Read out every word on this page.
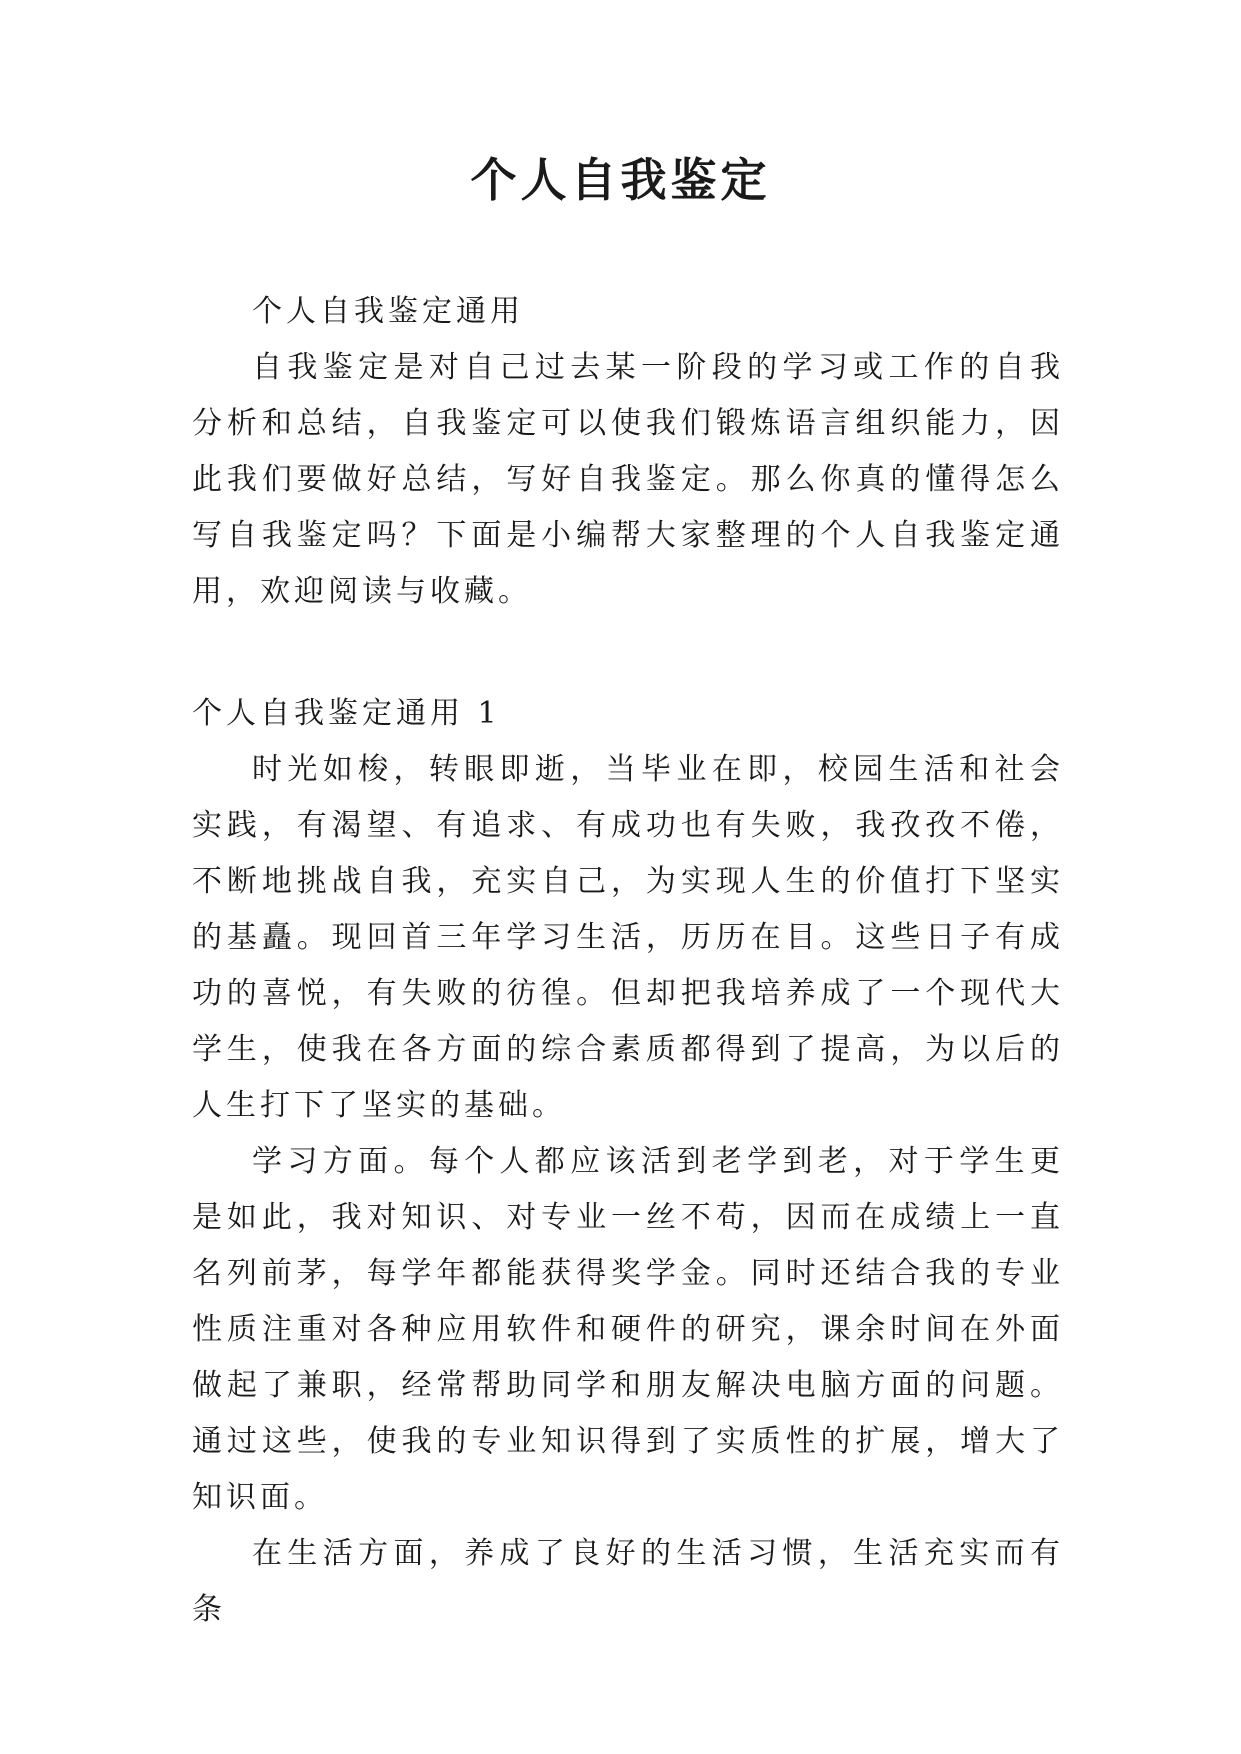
个人自我鉴定

个人自我鉴定通用

自我鉴定是对自己过去某一阶段的学习或工作的自我分析和总结，自我鉴定可以使我们锻炼语言组织能力，因此我们要做好总结，写好自我鉴定。那么你真的懂得怎么写自我鉴定吗？下面是小编帮大家整理的个人自我鉴定通用，欢迎阅读与收藏。

个人自我鉴定通用 1

时光如梭，转眼即逝，当毕业在即，校园生活和社会实践，有渴望、有追求、有成功也有失败，我孜孜不倦，不断地挑战自我，充实自己，为实现人生的价值打下坚实的基矗。现回首三年学习生活，历历在目。这些日子有成功的喜悦，有失败的彷徨。但却把我培养成了一个现代大学生，使我在各方面的综合素质都得到了提高，为以后的人生打下了坚实的基础。

学习方面。每个人都应该活到老学到老，对于学生更是如此，我对知识、对专业一丝不苟，因而在成绩上一直名列前茅，每学年都能获得奖学金。同时还结合我的专业性质注重对各种应用软件和硬件的研究，课余时间在外面做起了兼职，经常帮助同学和朋友解决电脑方面的问题。通过这些，使我的专业知识得到了实质性的扩展，增大了知识面。

在生活方面，养成了良好的生活习惯，生活充实而有条
